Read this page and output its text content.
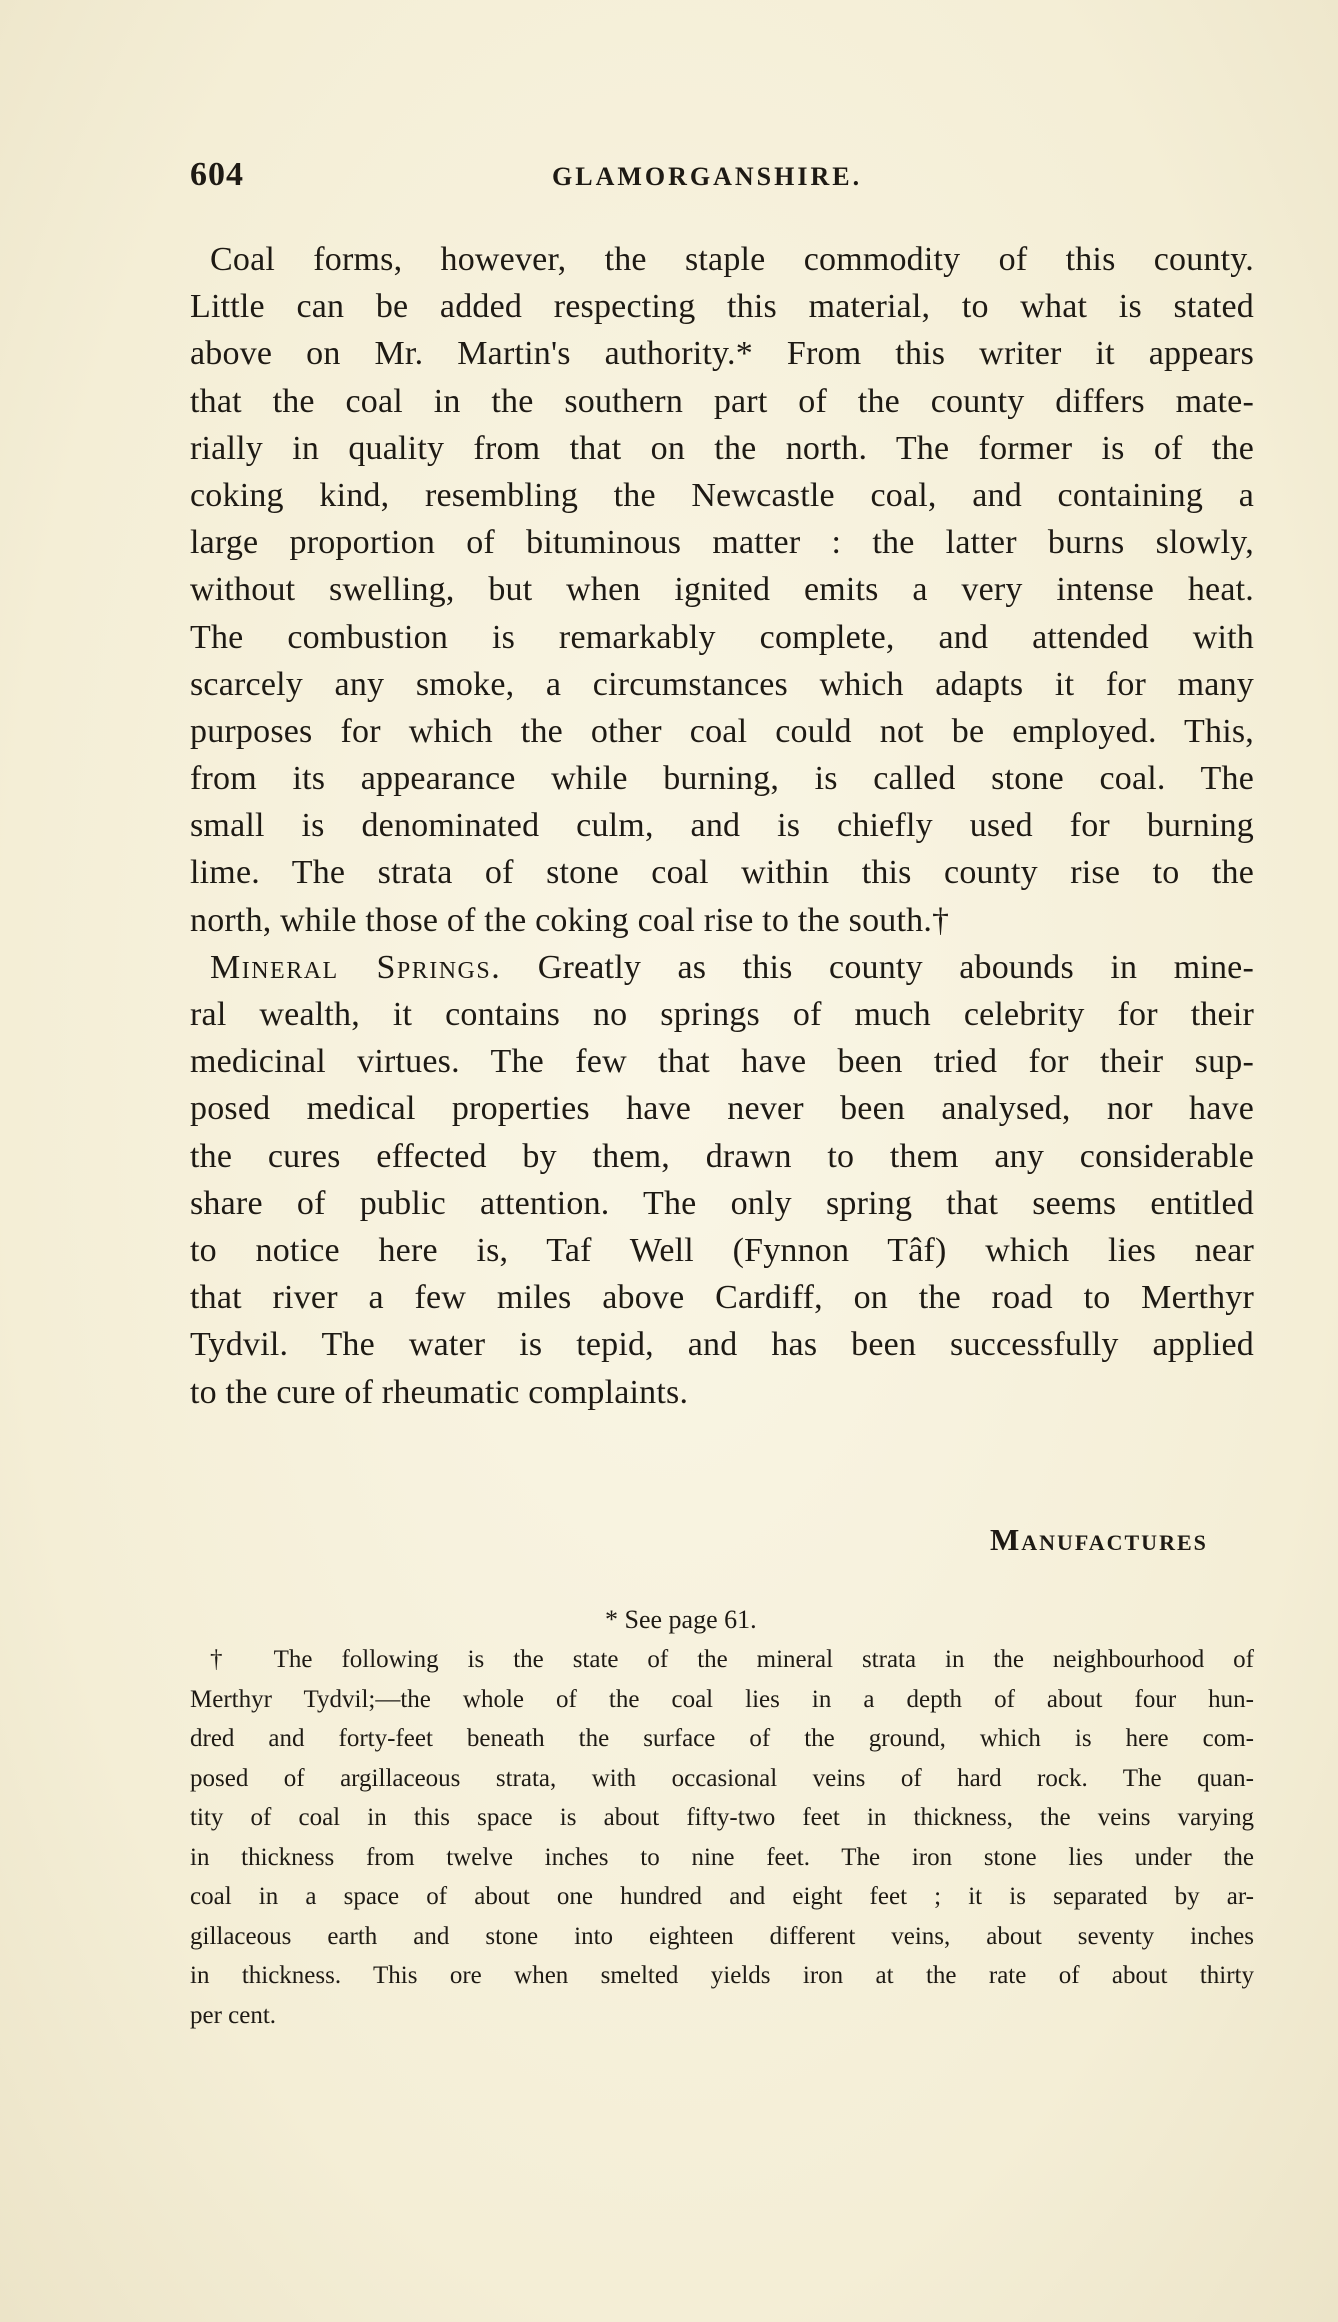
604	GLAMORGANSHIRE.
Coal forms, however, the staple commodity of this county.
Little can be added respecting this material, to what is stated
above on Mr. Martin's authority.* From this writer it appears
that the coal in the southern part of the county differs mate-
rially in quality from that on the north. The former is of the
coking kind, resembling the Newcastle coal, and containing a
large proportion of bituminous matter : the latter burns slowly,
without swelling, but when ignited emits a very intense heat.
The combustion is remarkably complete, and attended with
scarcely any smoke, a circumstances which adapts it for many
purposes for which the other coal could not be employed. This,
from its appearance while burning, is called stone coal. The
small is denominated culm, and is chiefly used for burning
lime. The strata of stone coal within this county rise to the
north, while those of the coking coal rise to the south.†
Mineral Springs. Greatly as this county abounds in mine-
ral wealth, it contains no springs of much celebrity for their
medicinal virtues. The few that have been tried for their sup-
posed medical properties have never been analysed, nor have
the cures effected by them, drawn to them any considerable
share of public attention. The only spring that seems entitled
to notice here is, Taf Well (Fynnon Tâf) which lies near
that river a few miles above Cardiff, on the road to Merthyr
Tydvil. The water is tepid, and has been successfully applied
to the cure of rheumatic complaints.
Manufactures
* See page 61.
† The following is the state of the mineral strata in the neighbourhood of
Merthyr Tydvil;—the whole of the coal lies in a depth of about four hun-
dred and forty-feet beneath the surface of the ground, which is here com-
posed of argillaceous strata, with occasional veins of hard rock. The quan-
tity of coal in this space is about fifty-two feet in thickness, the veins varying
in thickness from twelve inches to nine feet. The iron stone lies under the
coal in a space of about one hundred and eight feet ; it is separated by ar-
gillaceous earth and stone into eighteen different veins, about seventy inches
in thickness. This ore when smelted yields iron at the rate of about thirty
per cent.
